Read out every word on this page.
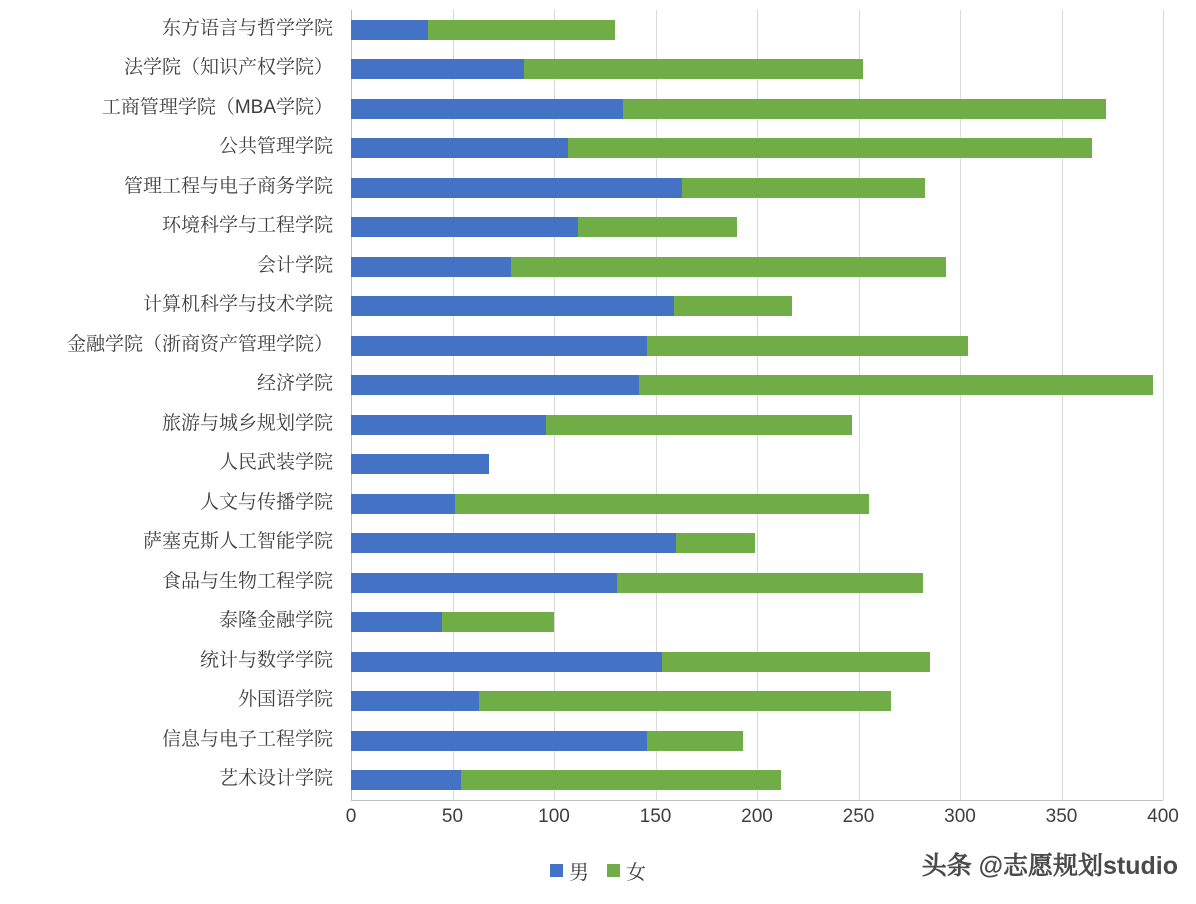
东方语言与哲学学院
法学院（知识产权学院）
工商管理学院（MBA学院）
公共管理学院
管理工程与电子商务学院
环境科学与工程学院
会计学院
计算机科学与技术学院
金融学院（浙商资产管理学院）
经济学院
旅游与城乡规划学院
人民武装学院
人文与传播学院
萨塞克斯人工智能学院
食品与生物工程学院
泰隆金融学院
统计与数学学院
外国语学院
信息与电子工程学院
艺术设计学院
0	50	100	150	200	250	300	350	400
男 女	头条 @志愿规划studio
